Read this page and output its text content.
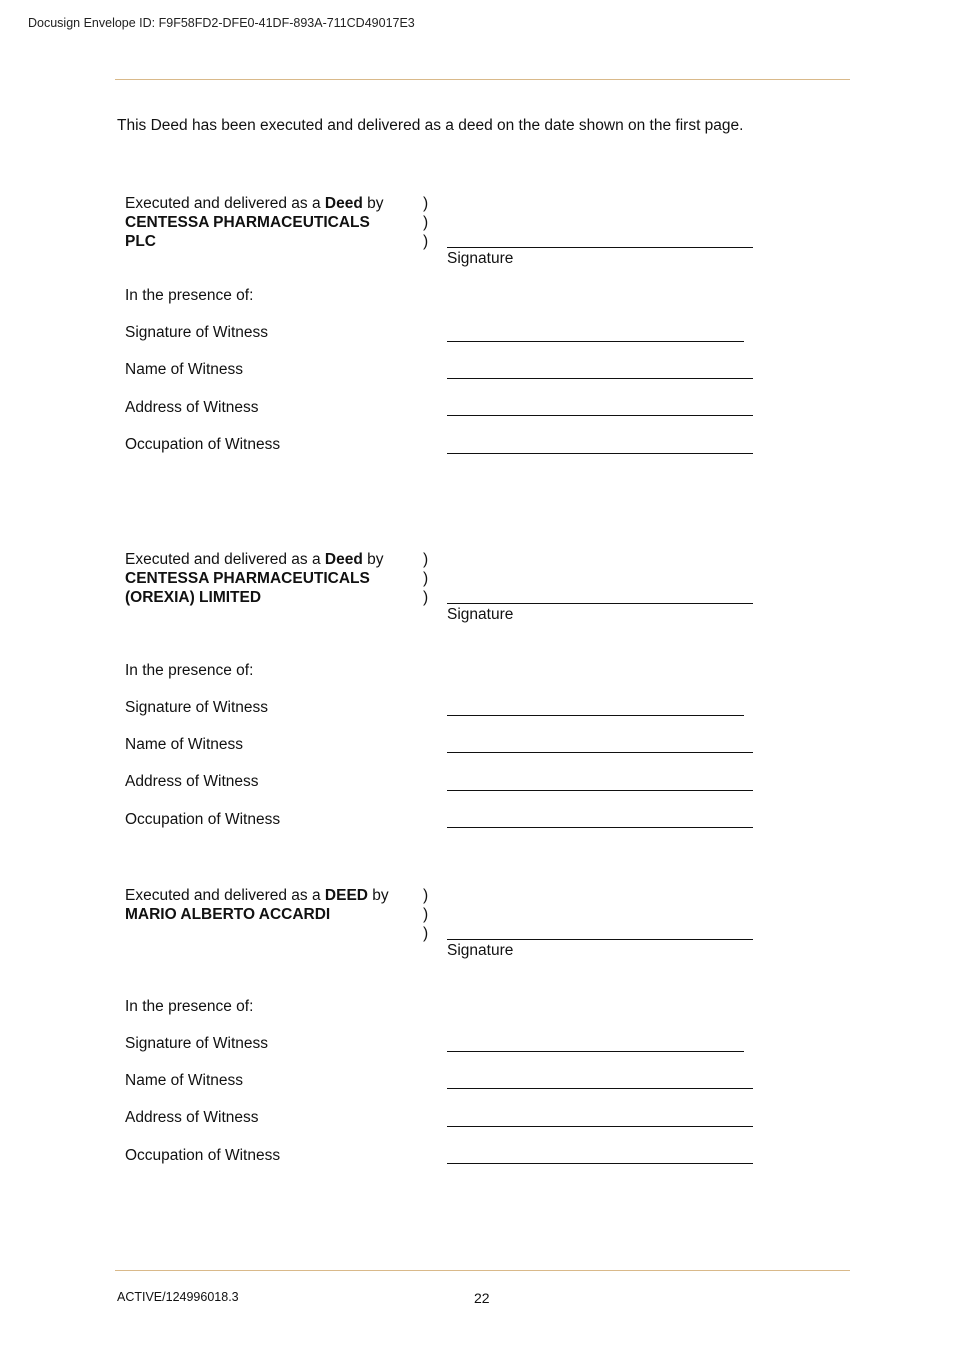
Docusign Envelope ID: F9F58FD2-DFE0-41DF-893A-711CD49017E3
This Deed has been executed and delivered as a deed on the date shown on the first page.
Executed and delivered as a Deed by
CENTESSA PHARMACEUTICALS
PLC
)
)
)
Signature
In the presence of:
Signature of Witness
Name of Witness
Address of Witness
Occupation of Witness
Executed and delivered as a Deed by
CENTESSA PHARMACEUTICALS
(OREXIA) LIMITED
)
)
)
Signature
In the presence of:
Signature of Witness
Name of Witness
Address of Witness
Occupation of Witness
Executed and delivered as a DEED by
MARIO ALBERTO ACCARDI

)
)
)
Signature
In the presence of:
Signature of Witness
Name of Witness
Address of Witness
Occupation of Witness
ACTIVE/124996018.3	22
